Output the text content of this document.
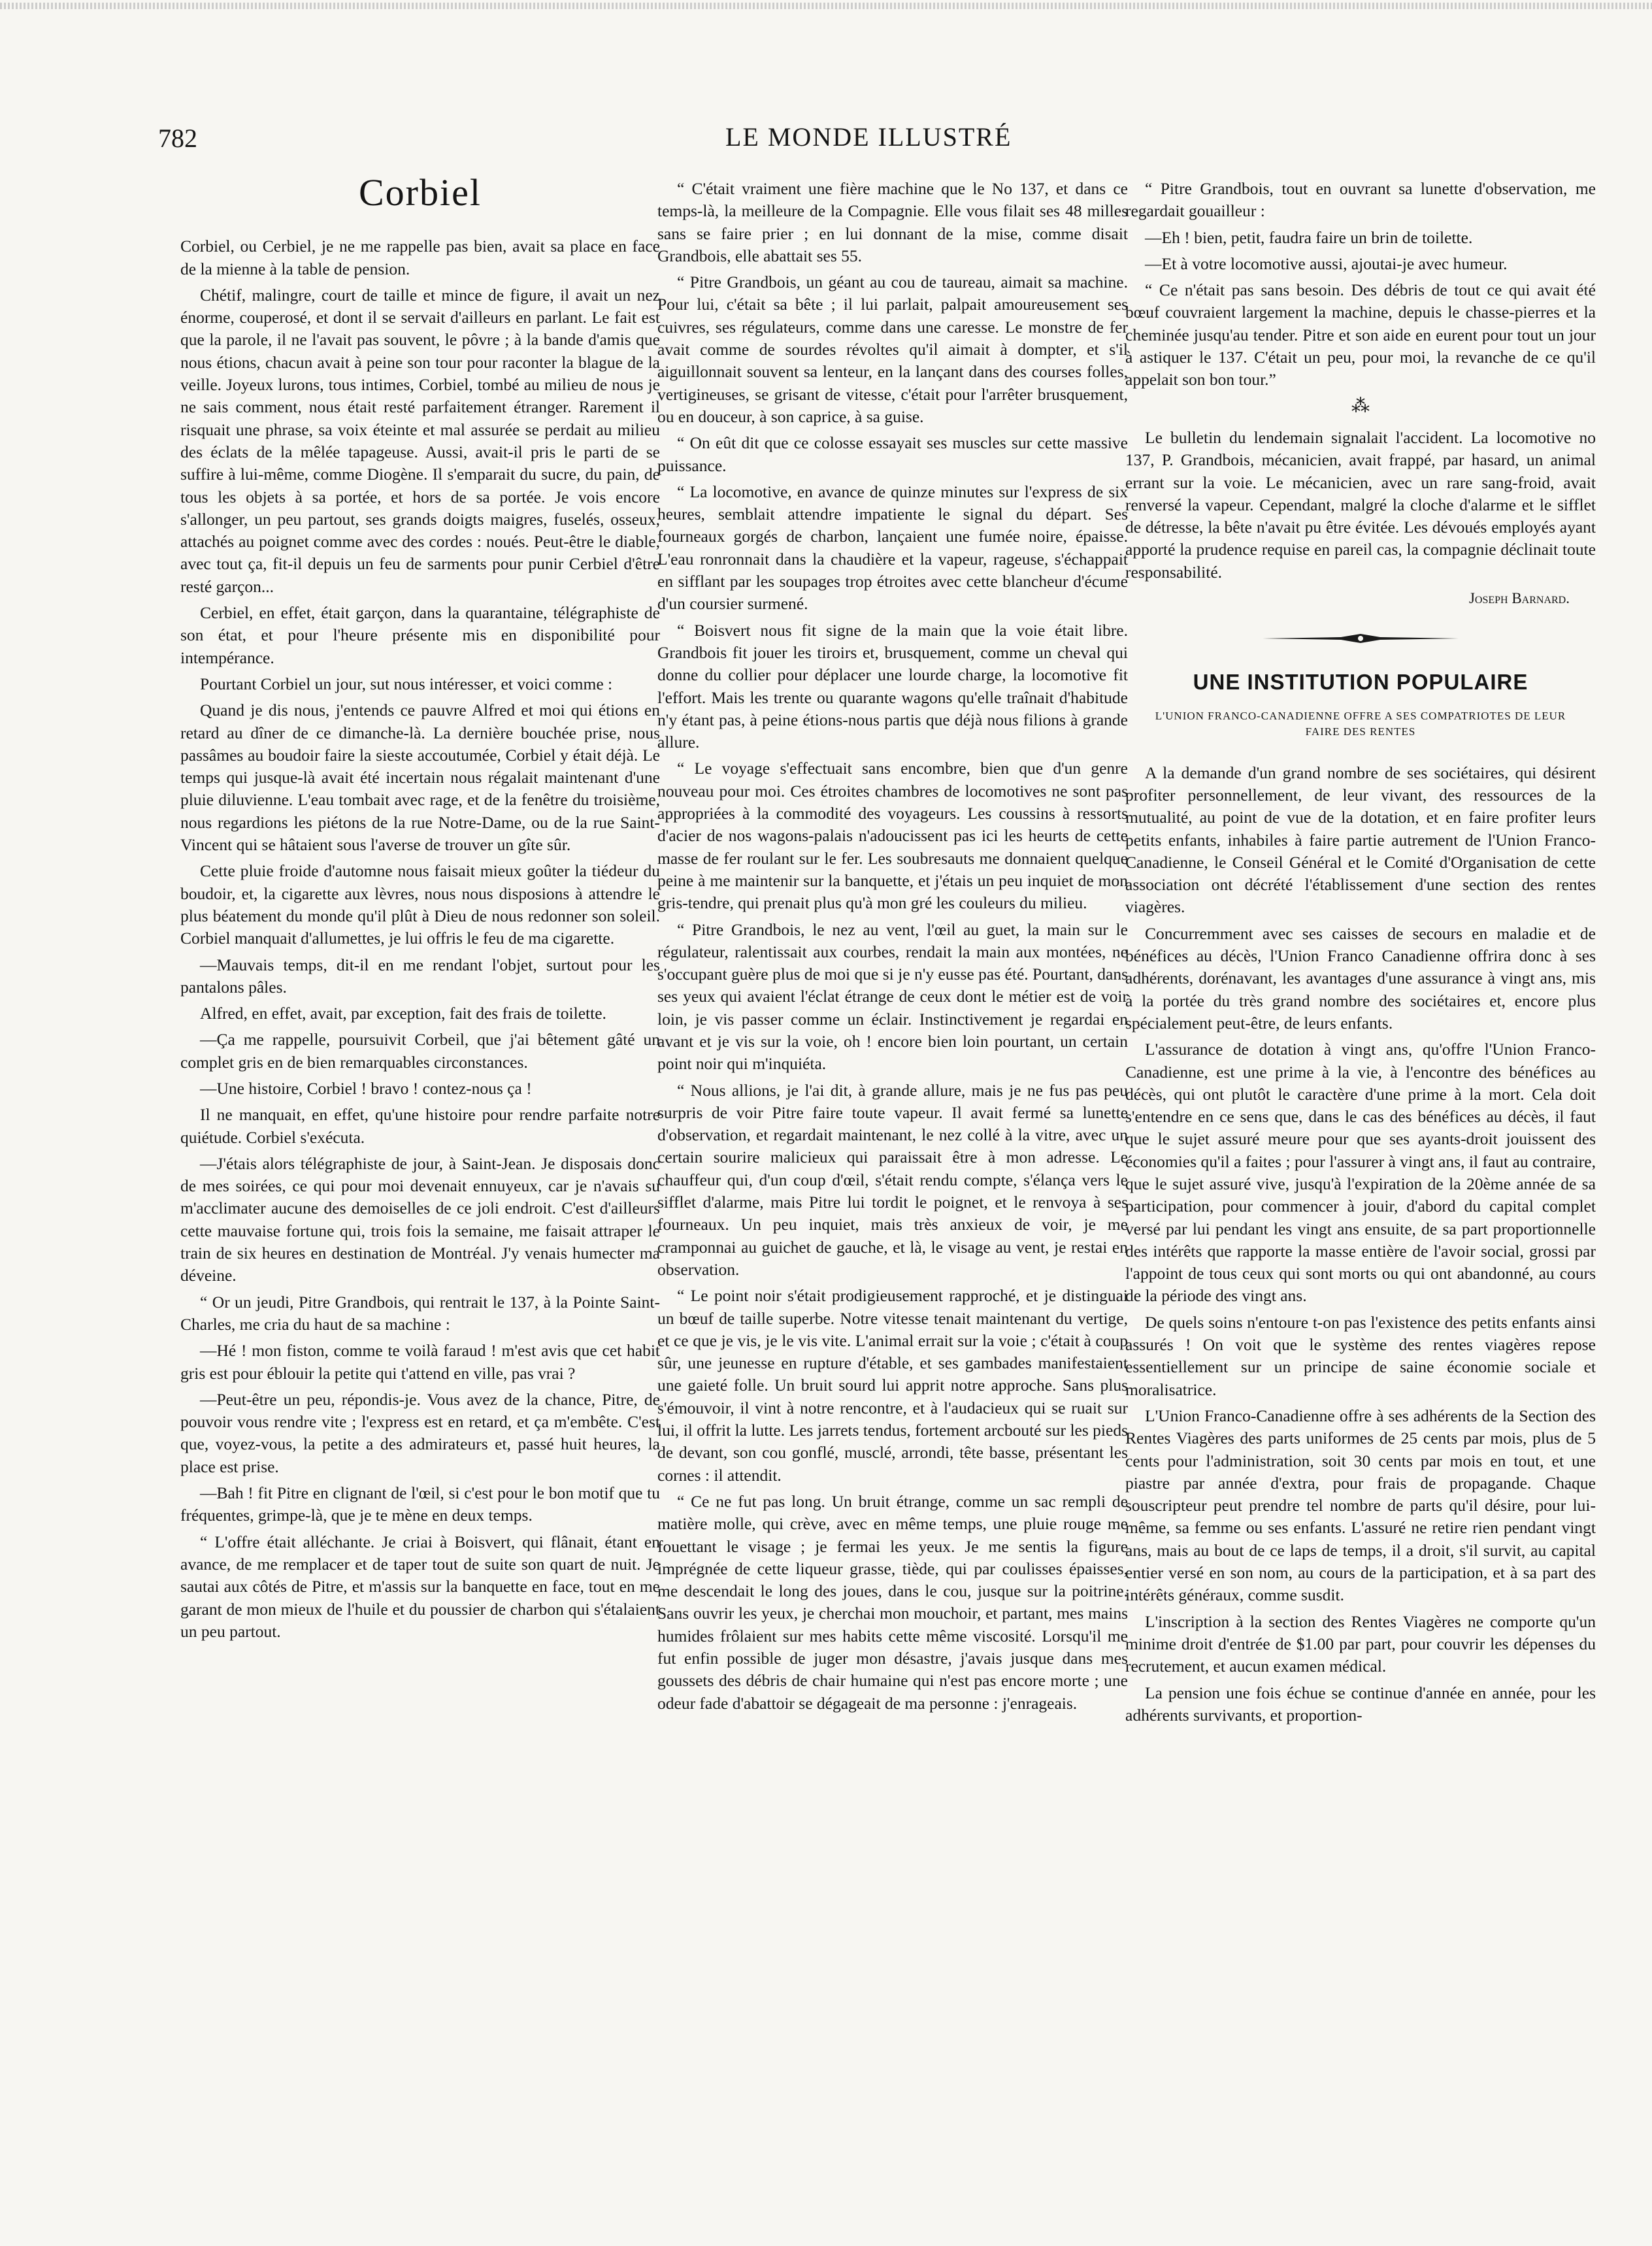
782	LE MONDE ILLUSTRÉ
Corbiel

Corbiel, ou Cerbiel, je ne me rappelle pas bien, avait sa place en face de la mienne à la table de pension.

Chétif, malingre, court de taille et mince de figure, il avait un nez énorme, couperosé, et dont il se servait d'ailleurs en parlant. Le fait est que la parole, il ne l'avait pas souvent, le pôvre ; à la bande d'amis que nous étions, chacun avait à peine son tour pour raconter la blague de la veille. Joyeux lurons, tous intimes, Corbiel, tombé au milieu de nous je ne sais comment, nous était resté parfaitement étranger. Rarement il risquait une phrase, sa voix éteinte et mal assurée se perdait au milieu des éclats de la mêlée tapageuse. Aussi, avait-il pris le parti de se suffire à lui-même, comme Diogène. Il s'emparait du sucre, du pain, de tous les objets à sa portée, et hors de sa portée. Je vois encore s'allonger, un peu partout, ses grands doigts maigres, fuselés, osseux, attachés au poignet comme avec des cordes : noués. Peut-être le diable, avec tout ça, fit-il depuis un feu de sarments pour punir Cerbiel d'être resté garçon...

Cerbiel, en effet, était garçon, dans la quarantaine, télégraphiste de son état, et pour l'heure présente mis en disponibilité pour intempérance.

Pourtant Corbiel un jour, sut nous intéresser, et voici comme :

Quand je dis nous, j'entends ce pauvre Alfred et moi qui étions en retard au dîner de ce dimanche-là. La dernière bouchée prise, nous passâmes au boudoir faire la sieste accoutumée, Corbiel y était déjà. Le temps qui jusque-là avait été incertain nous régalait maintenant d'une pluie diluvienne. L'eau tombait avec rage, et de la fenêtre du troisième, nous regardions les piétons de la rue Notre-Dame, ou de la rue Saint-Vincent qui se hâtaient sous l'averse de trouver un gîte sûr.

Cette pluie froide d'automne nous faisait mieux goûter la tiédeur du boudoir, et, la cigarette aux lèvres, nous nous disposions à attendre le plus béatement du monde qu'il plût à Dieu de nous redonner son soleil. Corbiel manquait d'allumettes, je lui offris le feu de ma cigarette.

—Mauvais temps, dit-il en me rendant l'objet, surtout pour les pantalons pâles.

Alfred, en effet, avait, par exception, fait des frais de toilette.

—Ça me rappelle, poursuivit Corbeil, que j'ai bêtement gâté un complet gris en de bien remarquables circonstances.

—Une histoire, Corbiel ! bravo ! contez-nous ça !

Il ne manquait, en effet, qu'une histoire pour rendre parfaite notre quiétude. Corbiel s'exécuta.

—J'étais alors télégraphiste de jour, à Saint-Jean. Je disposais donc de mes soirées, ce qui pour moi devenait ennuyeux, car je n'avais su m'acclimater aucune des demoiselles de ce joli endroit. C'est d'ailleurs cette mauvaise fortune qui, trois fois la semaine, me faisait attraper le train de six heures en destination de Montréal. J'y venais humecter ma déveine.

“ Or un jeudi, Pitre Grandbois, qui rentrait le 137, à la Pointe Saint-Charles, me cria du haut de sa machine :

—Hé ! mon fiston, comme te voilà faraud ! m'est avis que cet habit gris est pour éblouir la petite qui t'attend en ville, pas vrai ?

—Peut-être un peu, répondis-je. Vous avez de la chance, Pitre, de pouvoir vous rendre vite ; l'express est en retard, et ça m'embête. C'est que, voyez-vous, la petite a des admirateurs et, passé huit heures, la place est prise.

—Bah ! fit Pitre en clignant de l'œil, si c'est pour le bon motif que tu fréquentes, grimpe-là, que je te mène en deux temps.

“ L'offre était alléchante. Je criai à Boisvert, qui flânait, étant en avance, de me remplacer et de taper tout de suite son quart de nuit. Je sautai aux côtés de Pitre, et m'assis sur la banquette en face, tout en me garant de mon mieux de l'huile et du poussier de charbon qui s'étalaient un peu partout.

“ C'était vraiment une fière machine que le No 137, et dans ce temps-là, la meilleure de la Compagnie. Elle vous filait ses 48 milles sans se faire prier ; en lui donnant de la mise, comme disait Grandbois, elle abattait ses 55.

“ Pitre Grandbois, un géant au cou de taureau, aimait sa machine. Pour lui, c'était sa bête ; il lui parlait, palpait amoureusement ses cuivres, ses régulateurs, comme dans une caresse. Le monstre de fer avait comme de sourdes révoltes qu'il aimait à dompter, et s'il aiguillonnait souvent sa lenteur, en la lançant dans des courses folles, vertigineuses, se grisant de vitesse, c'était pour l'arrêter brusquement, ou en douceur, à son caprice, à sa guise.

“ On eût dit que ce colosse essayait ses muscles sur cette massive puissance.

“ La locomotive, en avance de quinze minutes sur l'express de six heures, semblait attendre impatiente le signal du départ. Ses fourneaux gorgés de charbon, lançaient une fumée noire, épaisse. L'eau ronronnait dans la chaudière et la vapeur, rageuse, s'échappait en sifflant par les soupages trop étroites avec cette blancheur d'écume d'un coursier surmené.

“ Boisvert nous fit signe de la main que la voie était libre. Grandbois fit jouer les tiroirs et, brusquement, comme un cheval qui donne du collier pour déplacer une lourde charge, la locomotive fit l'effort. Mais les trente ou quarante wagons qu'elle traînait d'habitude n'y étant pas, à peine étions-nous partis que déjà nous filions à grande allure.

“ Le voyage s'effectuait sans encombre, bien que d'un genre nouveau pour moi. Ces étroites chambres de locomotives ne sont pas appropriées à la commodité des voyageurs. Les coussins à ressorts d'acier de nos wagons-palais n'adoucissent pas ici les heurts de cette masse de fer roulant sur le fer. Les soubresauts me donnaient quelque peine à me maintenir sur la banquette, et j'étais un peu inquiet de mon gris-tendre, qui prenait plus qu'à mon gré les couleurs du milieu.

“ Pitre Grandbois, le nez au vent, l'œil au guet, la main sur le régulateur, ralentissait aux courbes, rendait la main aux montées, ne s'occupant guère plus de moi que si je n'y eusse pas été. Pourtant, dans ses yeux qui avaient l'éclat étrange de ceux dont le métier est de voir loin, je vis passer comme un éclair. Instinctivement je regardai en avant et je vis sur la voie, oh ! encore bien loin pourtant, un certain point noir qui m'inquiéta.

“ Nous allions, je l'ai dit, à grande allure, mais je ne fus pas peu surpris de voir Pitre faire toute vapeur. Il avait fermé sa lunette d'observation, et regardait maintenant, le nez collé à la vitre, avec un certain sourire malicieux qui paraissait être à mon adresse. Le chauffeur qui, d'un coup d'œil, s'était rendu compte, s'élança vers le sifflet d'alarme, mais Pitre lui tordit le poignet, et le renvoya à ses fourneaux. Un peu inquiet, mais très anxieux de voir, je me cramponnai au guichet de gauche, et là, le visage au vent, je restai en observation.

“ Le point noir s'était prodigieusement rapproché, et je distinguai un bœuf de taille superbe. Notre vitesse tenait maintenant du vertige, et ce que je vis, je le vis vite. L'animal errait sur la voie ; c'était à coup sûr, une jeunesse en rupture d'étable, et ses gambades manifestaient une gaieté folle. Un bruit sourd lui apprit notre approche. Sans plus s'émouvoir, il vint à notre rencontre, et à l'audacieux qui se ruait sur lui, il offrit la lutte. Les jarrets tendus, fortement arcbouté sur les pieds de devant, son cou gonflé, musclé, arrondi, tête basse, présentant les cornes : il attendit.

“ Ce ne fut pas long. Un bruit étrange, comme un sac rempli de matière molle, qui crève, avec en même temps, une pluie rouge me fouettant le visage ; je fermai les yeux. Je me sentis la figure imprégnée de cette liqueur grasse, tiède, qui par coulisses épaisses, me descendait le long des joues, dans le cou, jusque sur la poitrine. Sans ouvrir les yeux, je cherchai mon mouchoir, et partant, mes mains humides frôlaient sur mes habits cette même viscosité. Lorsqu'il me fut enfin possible de juger mon désastre, j'avais jusque dans mes goussets des débris de chair humaine qui n'est pas encore morte ; une odeur fade d'abattoir se dégageait de ma personne : j'enrageais.

“ Pitre Grandbois, tout en ouvrant sa lunette d'observation, me regardait gouailleur :

—Eh ! bien, petit, faudra faire un brin de toilette.

—Et à votre locomotive aussi, ajoutai-je avec humeur.

“ Ce n'était pas sans besoin. Des débris de tout ce qui avait été bœuf couvraient largement la machine, depuis le chasse-pierres et la cheminée jusqu'au tender. Pitre et son aide en eurent pour tout un jour à astiquer le 137. C'était un peu, pour moi, la revanche de ce qu'il appelait son bon tour.”

⁂

Le bulletin du lendemain signalait l'accident. La locomotive no 137, P. Grandbois, mécanicien, avait frappé, par hasard, un animal errant sur la voie. Le mécanicien, avec un rare sang-froid, avait renversé la vapeur. Cependant, malgré la cloche d'alarme et le sifflet de détresse, la bête n'avait pu être évitée. Les dévoués employés ayant apporté la prudence requise en pareil cas, la compagnie déclinait toute responsabilité.

Joseph Barnard.
UNE INSTITUTION POPULAIRE
L'UNION FRANCO-CANADIENNE OFFRE A SES COMPATRIOTES DE LEUR FAIRE DES RENTES

A la demande d'un grand nombre de ses sociétaires, qui désirent profiter personnellement, de leur vivant, des ressources de la mutualité, au point de vue de la dotation, et en faire profiter leurs petits enfants, inhabiles à faire partie autrement de l'Union Franco-Canadienne, le Conseil Général et le Comité d'Organisation de cette association ont décrété l'établissement d'une section des rentes viagères.

Concurremment avec ses caisses de secours en maladie et de bénéfices au décès, l'Union Franco Canadienne offrira donc à ses adhérents, dorénavant, les avantages d'une assurance à vingt ans, mis à la portée du très grand nombre des sociétaires et, encore plus spécialement peut-être, de leurs enfants.

L'assurance de dotation à vingt ans, qu'offre l'Union Franco-Canadienne, est une prime à la vie, à l'encontre des bénéfices au décès, qui ont plutôt le caractère d'une prime à la mort. Cela doit s'entendre en ce sens que, dans le cas des bénéfices au décès, il faut que le sujet assuré meure pour que ses ayants-droit jouissent des économies qu'il a faites ; pour l'assurer à vingt ans, il faut au contraire, que le sujet assuré vive, jusqu'à l'expiration de la 20ème année de sa participation, pour commencer à jouir, d'abord du capital complet versé par lui pendant les vingt ans ensuite, de sa part proportionnelle des intérêts que rapporte la masse entière de l'avoir social, grossi par l'appoint de tous ceux qui sont morts ou qui ont abandonné, au cours de la période des vingt ans.

De quels soins n'entoure t-on pas l'existence des petits enfants ainsi assurés ! On voit que le système des rentes viagères repose essentiellement sur un principe de saine économie sociale et moralisatrice.

L'Union Franco-Canadienne offre à ses adhérents de la Section des Rentes Viagères des parts uniformes de 25 cents par mois, plus de 5 cents pour l'administration, soit 30 cents par mois en tout, et une piastre par année d'extra, pour frais de propagande. Chaque souscripteur peut prendre tel nombre de parts qu'il désire, pour lui-même, sa femme ou ses enfants. L'assuré ne retire rien pendant vingt ans, mais au bout de ce laps de temps, il a droit, s'il survit, au capital entier versé en son nom, au cours de la participation, et à sa part des intérêts généraux, comme susdit.

L'inscription à la section des Rentes Viagères ne comporte qu'un minime droit d'entrée de $1.00 par part, pour couvrir les dépenses du recrutement, et aucun examen médical.

La pension une fois échue se continue d'année en année, pour les adhérents survivants, et proportion-
